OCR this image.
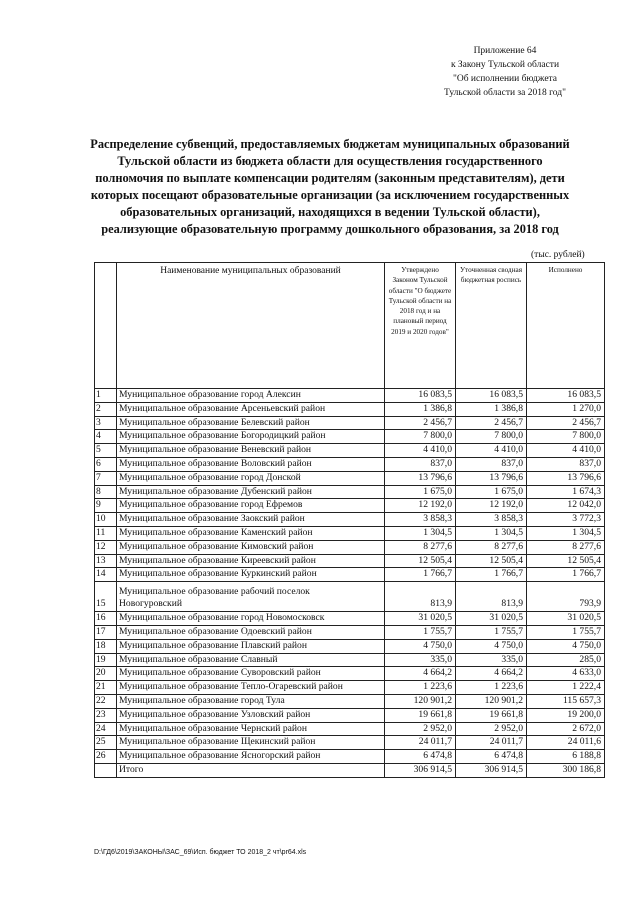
Приложение 64
к Закону Тульской области
"Об исполнении бюджета
Тульской области за 2018 год"
Распределение субвенций, предоставляемых бюджетам муниципальных образований
Тульской области из бюджета области для осуществления государственного
полномочия по выплате компенсации родителям (законным представителям), дети
которых посещают образовательные организации (за исключением государственных
образовательных организаций, находящихся в ведении Тульской области),
реализующие образовательную программу дошкольного образования, за 2018 год
(тыс. рублей)
	Наименование муниципальных образований	Утверждено Законом Тульской области "О бюджете Тульской области на 2018 год и на плановый период 2019 и 2020 годов"	Уточненная сводная бюджетная роспись	Исполнено
1	Муниципальное образование город Алексин	16 083,5	16 083,5	16 083,5
2	Муниципальное образование Арсеньевский район	1 386,8	1 386,8	1 270,0
3	Муниципальное образование Белевский район	2 456,7	2 456,7	2 456,7
4	Муниципальное образование Богородицкий район	7 800,0	7 800,0	7 800,0
5	Муниципальное образование Веневский район	4 410,0	4 410,0	4 410,0
6	Муниципальное образование Воловский район	837,0	837,0	837,0
7	Муниципальное образование город Донской	13 796,6	13 796,6	13 796,6
8	Муниципальное образование Дубенский район	1 675,0	1 675,0	1 674,3
9	Муниципальное образование город Ефремов	12 192,0	12 192,0	12 042,0
10	Муниципальное образование Заокский район	3 858,3	3 858,3	3 772,3
11	Муниципальное образование Каменский район	1 304,5	1 304,5	1 304,5
12	Муниципальное образование Кимовский район	8 277,6	8 277,6	8 277,6
13	Муниципальное образование Киреевский район	12 505,4	12 505,4	12 505,4
14	Муниципальное образование Куркинский район	1 766,7	1 766,7	1 766,7
15	Муниципальное образование рабочий поселок
Новогуровский	813,9	813,9	793,9
16	Муниципальное образование город Новомосковск	31 020,5	31 020,5	31 020,5
17	Муниципальное образование Одоевский район	1 755,7	1 755,7	1 755,7
18	Муниципальное образование Плавский район	4 750,0	4 750,0	4 750,0
19	Муниципальное образование Славный	335,0	335,0	285,0
20	Муниципальное образование Суворовский район	4 664,2	4 664,2	4 633,0
21	Муниципальное образование Тепло-Огаревский район	1 223,6	1 223,6	1 222,4
22	Муниципальное образование город Тула	120 901,2	120 901,2	115 657,3
23	Муниципальное образование Узловский район	19 661,8	19 661,8	19 200,0
24	Муниципальное образование Чернский район	2 952,0	2 952,0	2 672,0
25	Муниципальное образование Щекинский район	24 011,7	24 011,7	24 011,6
26	Муниципальное образование Ясногорский район	6 474,8	6 474,8	6 188,8
	Итого	306 914,5	306 914,5	300 186,8
D:\ГД6\2019\ЗАКОНЫ\ЗАС_69\Исп. бюджет ТО 2018_2 чт\рr64.xls
